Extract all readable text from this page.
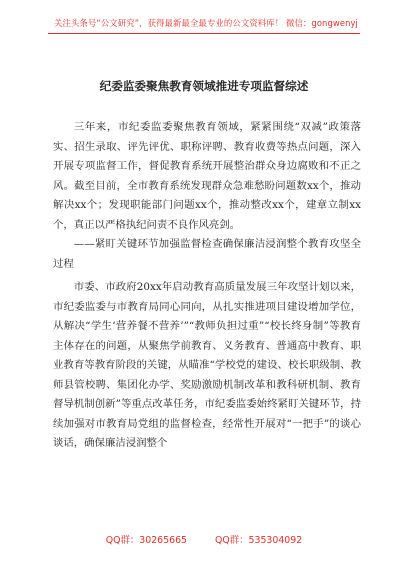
关注头条号“公文研究”，获得最新最全最专业的公文资料库！ 微信：gongwenyj
纪委监委聚焦教育领域推进专项监督综述

三年来，市纪委监委聚焦教育领域，紧紧围绕“双减”政策落实、招生录取、评先评优、职称评聘、教育收费等热点问题，深入开展专项监督工作，督促教育系统开展整治群众身边腐败和不正之风。截至目前，全市教育系统发现群众急难愁盼问题数xx个，推动解决xx个；发现职能部门问题xx个，推动整改xx个，建章立制xx个，真正以严格执纪问责不良作风亮剑。

——紧盯关键环节加强监督检查确保廉洁浸润整个教育攻坚全过程

市委、市政府20xx年启动教育高质量发展三年攻坚计划以来，市纪委监委与市教育局同心同向，从扎实推进项目建设增加学位，从解决“学生‘营养餐不营养’”“教师负担过重”“校长终身制”等教育主体存在的问题，从聚焦学前教育、义务教育、普通高中教育、职业教育等教育阶段的关键，从瞄准“学校党的建设、校长职级制、教师县管校聘、集团化办学、奖励激励机制改革和教科研机制、教育督导机制创新”等重点改革任务，市纪委监委始终紧盯关键环节，持续加强对市教育局党组的监督检查，经常性开展对“一把手”的谈心谈话，确保廉洁浸润整个

QQ群：30265665	QQ群：535304092
